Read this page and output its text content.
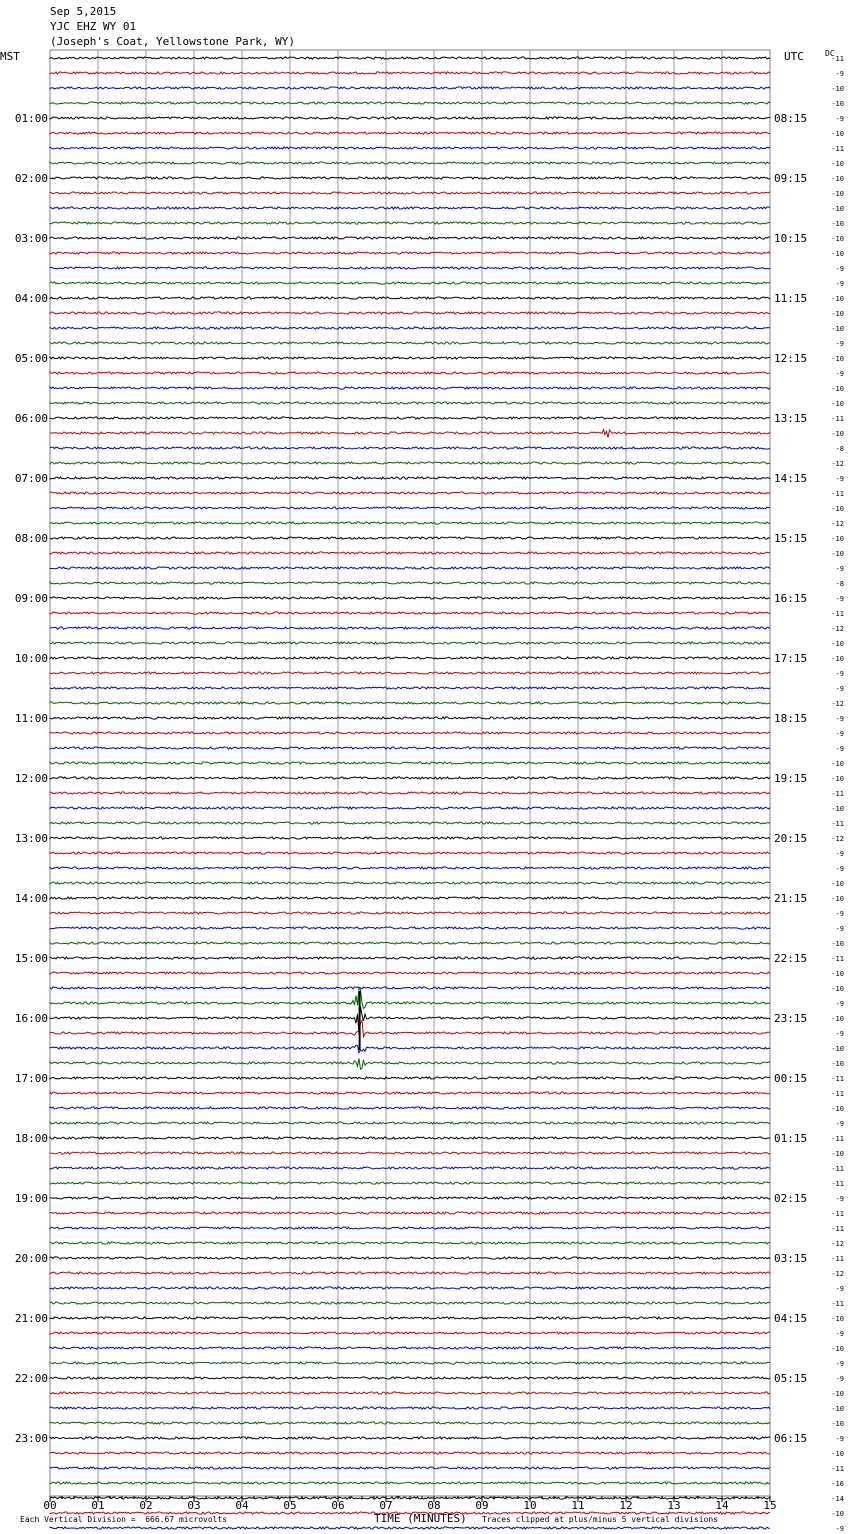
Sep 5,2015
YJC EHZ WY 01
(Joseph's Coat, Yellowstone Park, WY)
MST	UTC	DC
-11
-9
-10
-10
-9
-10
-11
-10
-10
-10
-10
-10
-10
-10
-9
-9
-10
-10
-10
-9
-10
-9
-10
-10
-11
-10
-8
-12
-9
-11
-10
-12
-10
-10
-9
-8
-9
-11
-12
-10
-10
-9
-9
-12
-9
-9
-9
-10
-10
-11
-10
-11
-12
-9
-9
-10
-10
-9
-9
-10
-11
-10
-10
-9
-10
-9
-10
-10
-11
-11
-10
-9
-11
-10
-11
-11
-9
-11
-11
-12
-11
-12
-9
-11
-10
-9
-10
-9
-9
-10
-10
-10
-9
-10
-11
-16
-14
-10
-9
01:00
02:00
03:00
04:00
05:00
06:00
07:00
08:00
09:00
10:00
11:00
12:00
13:00
14:00
15:00
16:00
17:00
18:00
19:00
20:00
21:00
22:00
23:00
08:15
09:15
10:15
11:15
12:15
13:15
14:15
15:15
16:15
17:15
18:15
19:15
20:15
21:15
22:15
23:15
00:15
01:15
02:15
03:15
04:15
05:15
06:15
00	01	02	03	04	05	06	07	08	09	10	11	12	13	14	15
Each Vertical Division =  666.67 microvolts	TIME (MINUTES) Traces clipped at plus/minus 5 vertical divisions
